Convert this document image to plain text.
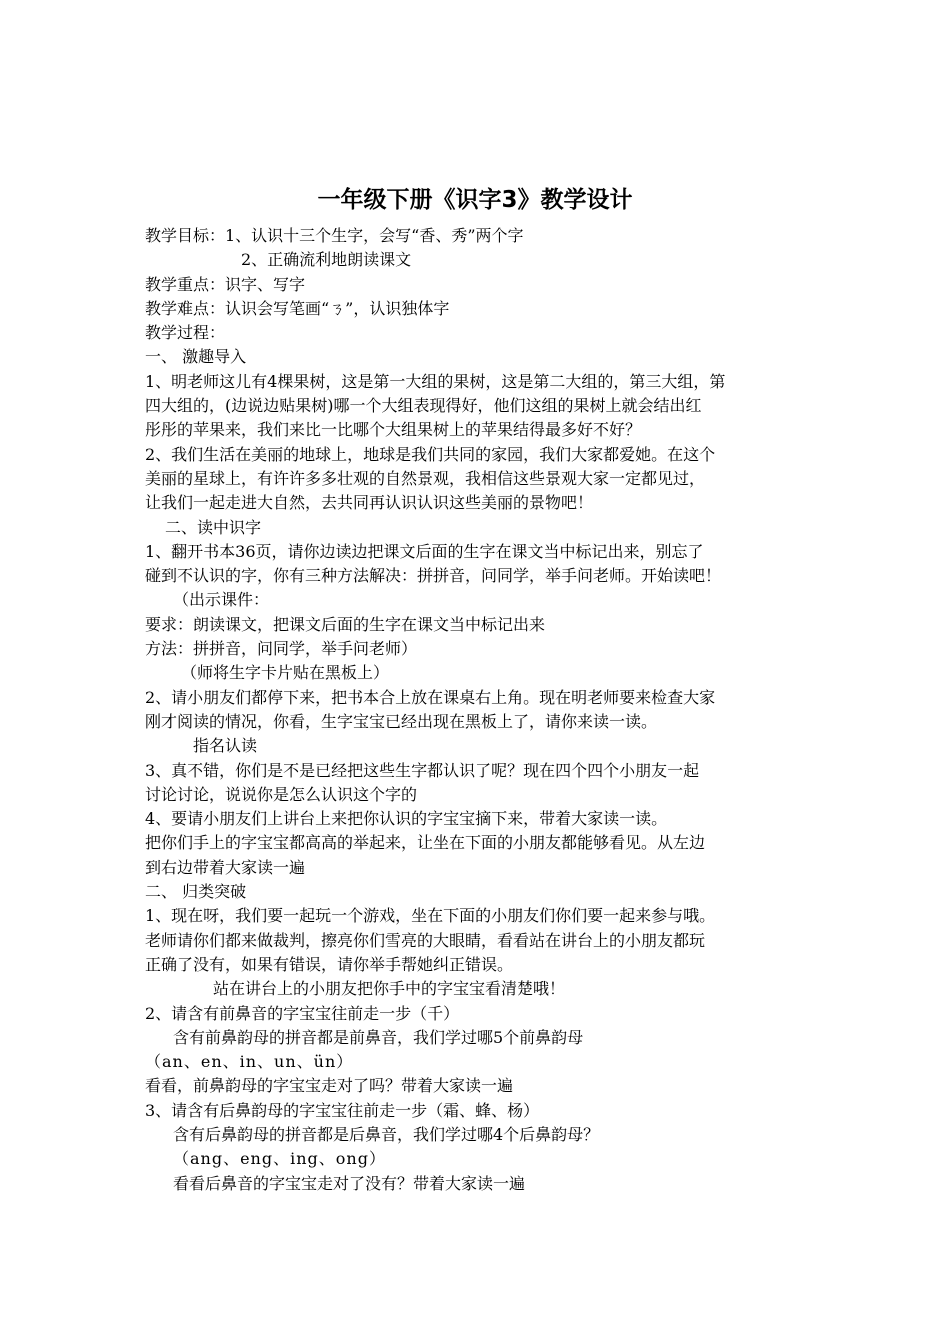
一年级下册《识字3》教学设计
教学目标：1、认识十三个生字，会写“香、秀”两个字
2、正确流利地朗读课文
教学重点：识字、写字
教学难点：认识会写笔画“ㄋ”，认识独体字
教学过程：
一、 激趣导入
1、明老师这儿有4棵果树，这是第一大组的果树，这是第二大组的，第三大组，第
四大组的，(边说边贴果树)哪一个大组表现得好，他们这组的果树上就会结出红
彤彤的苹果来，我们来比一比哪个大组果树上的苹果结得最多好不好？
2、我们生活在美丽的地球上，地球是我们共同的家园，我们大家都爱她。在这个
美丽的星球上，有许许多多壮观的自然景观，我相信这些景观大家一定都见过，
让我们一起走进大自然，去共同再认识认识这些美丽的景物吧！
二、读中识字
1、翻开书本36页，请你边读边把课文后面的生字在课文当中标记出来，别忘了
碰到不认识的字，你有三种方法解决：拼拼音，问同学，举手问老师。开始读吧！
（出示课件：
要求：朗读课文，把课文后面的生字在课文当中标记出来
方法：拼拼音，问同学，举手问老师）
（师将生字卡片贴在黑板上）
2、请小朋友们都停下来，把书本合上放在课桌右上角。现在明老师要来检查大家
刚才阅读的情况，你看，生字宝宝已经出现在黑板上了，请你来读一读。
指名认读
3、真不错，你们是不是已经把这些生字都认识了呢？现在四个四个小朋友一起
讨论讨论，说说你是怎么认识这个字的
4、要请小朋友们上讲台上来把你认识的字宝宝摘下来，带着大家读一读。
把你们手上的字宝宝都高高的举起来，让坐在下面的小朋友都能够看见。从左边
到右边带着大家读一遍
二、 归类突破
1、现在呀，我们要一起玩一个游戏，坐在下面的小朋友们你们要一起来参与哦。
老师请你们都来做裁判，擦亮你们雪亮的大眼睛，看看站在讲台上的小朋友都玩
正确了没有，如果有错误，请你举手帮她纠正错误。
站在讲台上的小朋友把你手中的字宝宝看清楚哦！
2、请含有前鼻音的字宝宝往前走一步（千）
含有前鼻韵母的拼音都是前鼻音，我们学过哪5个前鼻韵母
（an、en、in、un、ün）
看看，前鼻韵母的字宝宝走对了吗？带着大家读一遍
3、请含有后鼻韵母的字宝宝往前走一步（霜、蜂、杨）
含有后鼻韵母的拼音都是后鼻音，我们学过哪4个后鼻韵母？
（ang、eng、ing、ong）
看看后鼻音的字宝宝走对了没有？带着大家读一遍
